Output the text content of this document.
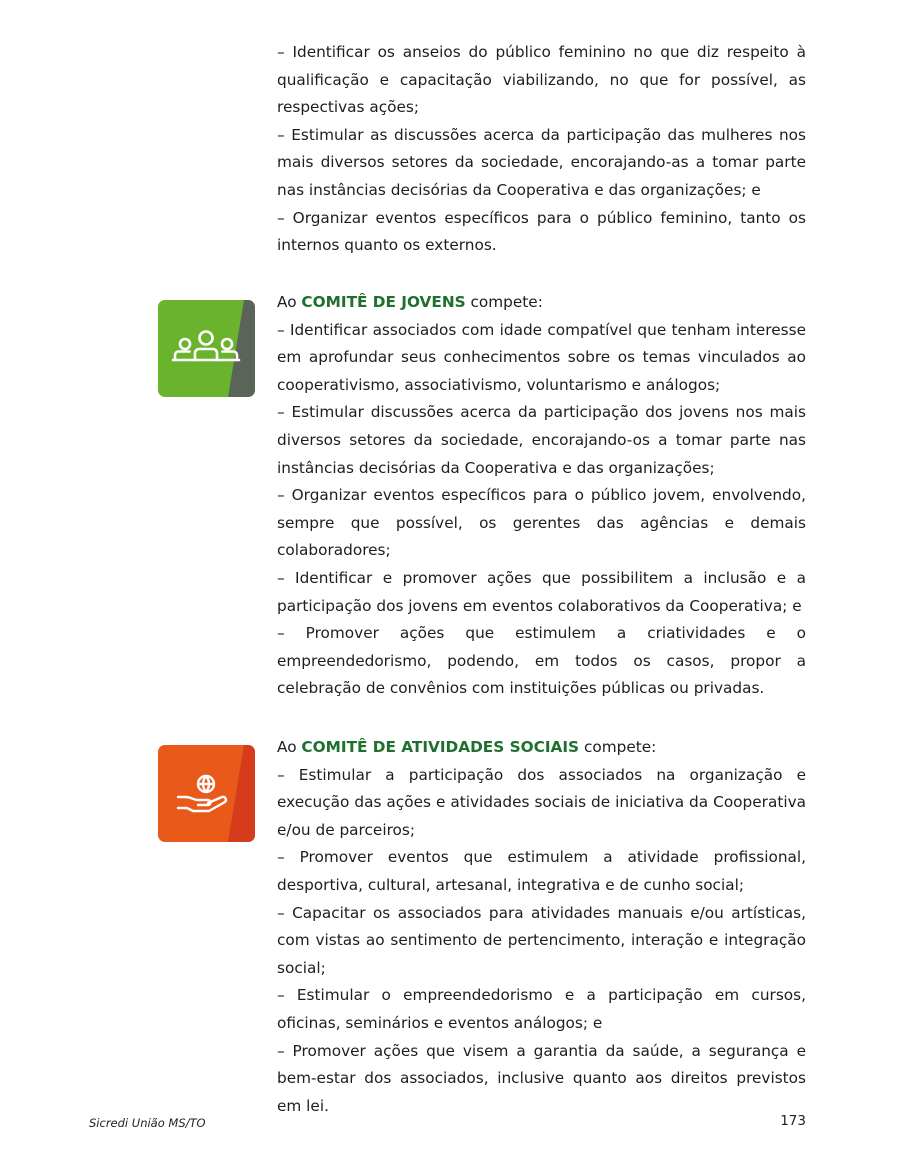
– Identificar os anseios do público feminino no que diz respeito à qualificação e capacitação viabilizando, no que for possível, as respectivas ações;

– Estimular as discussões acerca da participação das mulheres nos mais diversos setores da sociedade, encorajando-as a tomar parte nas instâncias decisórias da Cooperativa e das organizações; e

– Organizar eventos específicos para o público feminino, tanto os internos quanto os externos.

Ao COMITÊ DE JOVENS compete:

– Identificar associados com idade compatível que tenham interesse em aprofundar seus conhecimentos sobre os temas vinculados ao cooperativismo, associativismo, voluntarismo e análogos;

– Estimular discussões acerca da participação dos jovens nos mais diversos setores da sociedade, encorajando-os a tomar parte nas instâncias decisórias da Cooperativa e das organizações;

– Organizar eventos específicos para o público jovem, envolvendo, sempre que possível, os gerentes das agências e demais colaboradores;

– Identificar e promover ações que possibilitem a inclusão e a participação dos jovens em eventos colaborativos da Cooperativa; e

– Promover ações que estimulem a criatividades e o empreendedorismo, podendo, em todos os casos, propor a celebração de convênios com instituições públicas ou privadas.

Ao COMITÊ DE ATIVIDADES SOCIAIS compete:

– Estimular a participação dos associados na organização e execução das ações e atividades sociais de iniciativa da Cooperativa e/ou de parceiros;

– Promover eventos que estimulem a atividade profissional, desportiva, cultural, artesanal, integrativa e de cunho social;

– Capacitar os associados para atividades manuais e/ou artísticas, com vistas ao sentimento de pertencimento, interação e integração social;

– Estimular o empreendedorismo e a participação em cursos, oficinas, seminários e eventos análogos; e

– Promover ações que visem a garantia da saúde, a segurança e bem-estar dos associados, inclusive quanto aos direitos previstos em lei.

Sicredi União MS/TO	173
